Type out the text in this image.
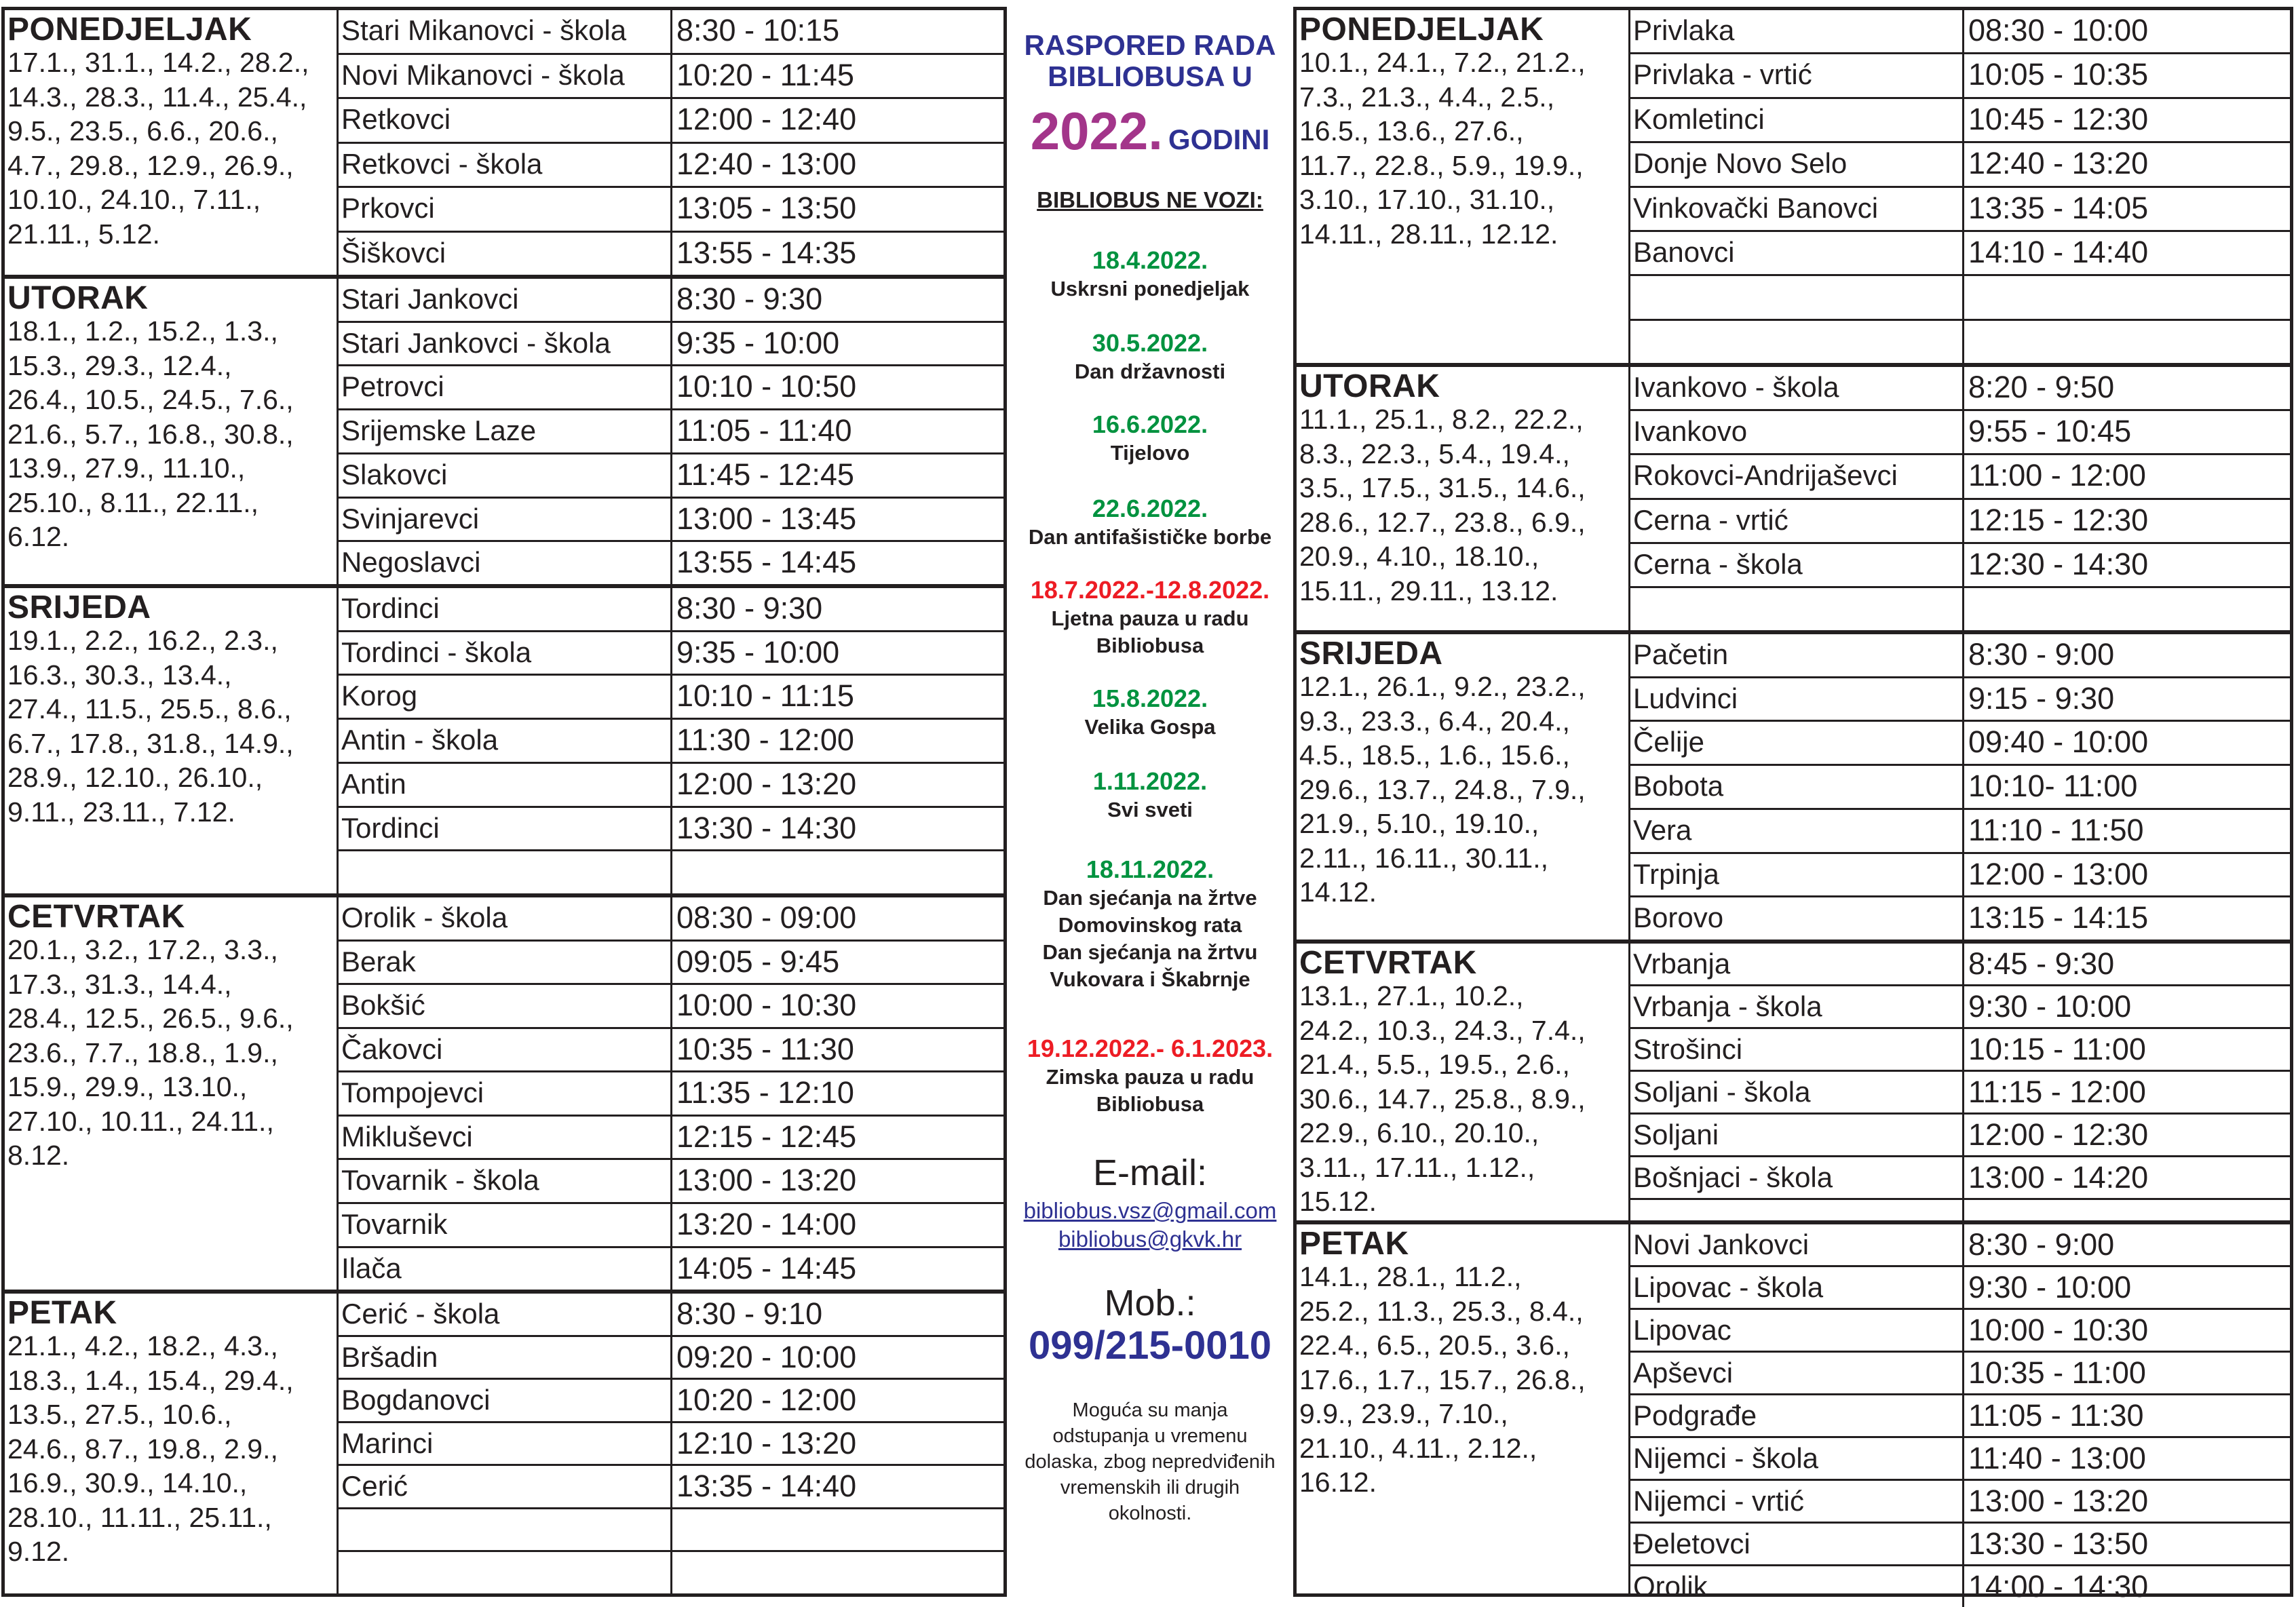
PONEDJELJAK
17.1., 31.1., 14.2., 28.2.,
14.3., 28.3., 11.4., 25.4.,
9.5., 23.5., 6.6., 20.6.,
4.7., 29.8., 12.9., 26.9.,
10.10., 24.10., 7.11.,
21.11., 5.12.
Stari Mikanovci - škola	8:30 - 10:15
Novi Mikanovci - škola	10:20 - 11:45
Retkovci	12:00 - 12:40
Retkovci - škola	12:40 - 13:00
Prkovci	13:05 - 13:50
Šiškovci	13:55 - 14:35
UTORAK
18.1., 1.2., 15.2., 1.3.,
15.3., 29.3., 12.4.,
26.4., 10.5., 24.5., 7.6.,
21.6., 5.7., 16.8., 30.8.,
13.9., 27.9., 11.10.,
25.10., 8.11., 22.11.,
6.12.
Stari Jankovci	8:30 - 9:30
Stari Jankovci - škola	9:35 - 10:00
Petrovci	10:10 - 10:50
Srijemske Laze	11:05 - 11:40
Slakovci	11:45 - 12:45
Svinjarevci	13:00 - 13:45
Negoslavci	13:55 - 14:45
SRIJEDA
19.1., 2.2., 16.2., 2.3.,
16.3., 30.3., 13.4.,
27.4., 11.5., 25.5., 8.6.,
6.7., 17.8., 31.8., 14.9.,
28.9., 12.10., 26.10.,
9.11., 23.11., 7.12.
Tordinci	8:30 - 9:30
Tordinci - škola	9:35 - 10:00
Korog	10:10 - 11:15
Antin - škola	11:30 - 12:00
Antin	12:00 - 13:20
Tordinci	13:30 - 14:30
CETVRTAK
20.1., 3.2., 17.2., 3.3.,
17.3., 31.3., 14.4.,
28.4., 12.5., 26.5., 9.6.,
23.6., 7.7., 18.8., 1.9.,
15.9., 29.9., 13.10.,
27.10., 10.11., 24.11.,
8.12.
Orolik - škola	08:30 - 09:00
Berak	09:05 - 9:45
Bokšić	10:00 - 10:30
Čakovci	10:35 - 11:30
Tompojevci	11:35 - 12:10
Mikluševci	12:15 - 12:45
Tovarnik - škola	13:00 - 13:20
Tovarnik	13:20 - 14:00
Ilača	14:05 - 14:45
PETAK
21.1., 4.2., 18.2., 4.3.,
18.3., 1.4., 15.4., 29.4.,
13.5., 27.5., 10.6.,
24.6., 8.7., 19.8., 2.9.,
16.9., 30.9., 14.10.,
28.10., 11.11., 25.11.,
9.12.
Cerić - škola	8:30 - 9:10
Bršadin	09:20 - 10:00
Bogdanovci	10:20 - 12:00
Marinci	12:10 - 13:20
Cerić	13:35 - 14:40
PONEDJELJAK
10.1., 24.1., 7.2., 21.2.,
7.3., 21.3., 4.4., 2.5.,
16.5., 13.6., 27.6.,
11.7., 22.8., 5.9., 19.9.,
3.10., 17.10., 31.10.,
14.11., 28.11., 12.12.
Privlaka	08:30 - 10:00
Privlaka - vrtić	10:05 - 10:35
Komletinci	10:45 - 12:30
Donje Novo Selo	12:40 - 13:20
Vinkovački Banovci	13:35 - 14:05
Banovci	14:10 - 14:40
UTORAK
11.1., 25.1., 8.2., 22.2.,
8.3., 22.3., 5.4., 19.4.,
3.5., 17.5., 31.5., 14.6.,
28.6., 12.7., 23.8., 6.9.,
20.9., 4.10., 18.10.,
15.11., 29.11., 13.12.
Ivankovo - škola	8:20 - 9:50
Ivankovo	9:55 - 10:45
Rokovci-Andrijaševci	11:00 - 12:00
Cerna - vrtić	12:15 - 12:30
Cerna - škola	12:30 - 14:30
SRIJEDA
12.1., 26.1., 9.2., 23.2.,
9.3., 23.3., 6.4., 20.4.,
4.5., 18.5., 1.6., 15.6.,
29.6., 13.7., 24.8., 7.9.,
21.9., 5.10., 19.10.,
2.11., 16.11., 30.11.,
14.12.
Pačetin	8:30 - 9:00
Ludvinci	9:15 - 9:30
Čelije	09:40 - 10:00
Bobota	10:10- 11:00
Vera	11:10 - 11:50
Trpinja	12:00 - 13:00
Borovo	13:15 - 14:15
CETVRTAK
13.1., 27.1., 10.2.,
24.2., 10.3., 24.3., 7.4.,
21.4., 5.5., 19.5., 2.6.,
30.6., 14.7., 25.8., 8.9.,
22.9., 6.10., 20.10.,
3.11., 17.11., 1.12.,
15.12.
Vrbanja	8:45 - 9:30
Vrbanja - škola	9:30 - 10:00
Strošinci	10:15 - 11:00
Soljani - škola	11:15 - 12:00
Soljani	12:00 - 12:30
Bošnjaci - škola	13:00 - 14:20
PETAK
14.1., 28.1., 11.2.,
25.2., 11.3., 25.3., 8.4.,
22.4., 6.5., 20.5., 3.6.,
17.6., 1.7., 15.7., 26.8.,
9.9., 23.9., 7.10.,
21.10., 4.11., 2.12.,
16.12.
Novi Jankovci	8:30 - 9:00
Lipovac - škola	9:30 - 10:00
Lipovac	10:00 - 10:30
Apševci	10:35 - 11:00
Podgrađe	11:05 - 11:30
Nijemci - škola	11:40 - 13:00
Nijemci - vrtić	13:00 - 13:20
Đeletovci	13:30 - 13:50
Orolik	14:00 - 14:30
RASPORED RADA
BIBLIOBUSA U
2022. GODINI
BIBLIOBUS NE VOZI:
18.4.2022.
Uskrsni ponedjeljak
30.5.2022.
Dan državnosti
16.6.2022.
Tijelovo
22.6.2022.
Dan antifašističke borbe
18.7.2022.-12.8.2022.
Ljetna pauza u radu
Bibliobusa
15.8.2022.
Velika Gospa
1.11.2022.
Svi sveti
18.11.2022.
Dan sjećanja na žrtve
Domovinskog rata
Dan sjećanja na žrtvu
Vukovara i Škabrnje
19.12.2022.- 6.1.2023.
Zimska pauza u radu
Bibliobusa
E-mail:
bibliobus.vsz@gmail.com
bibliobus@gkvk.hr
Mob.:
099/215-0010
Moguća su manja
odstupanja u vremenu
dolaska, zbog nepredviđenih
vremenskih ili drugih
okolnosti.
